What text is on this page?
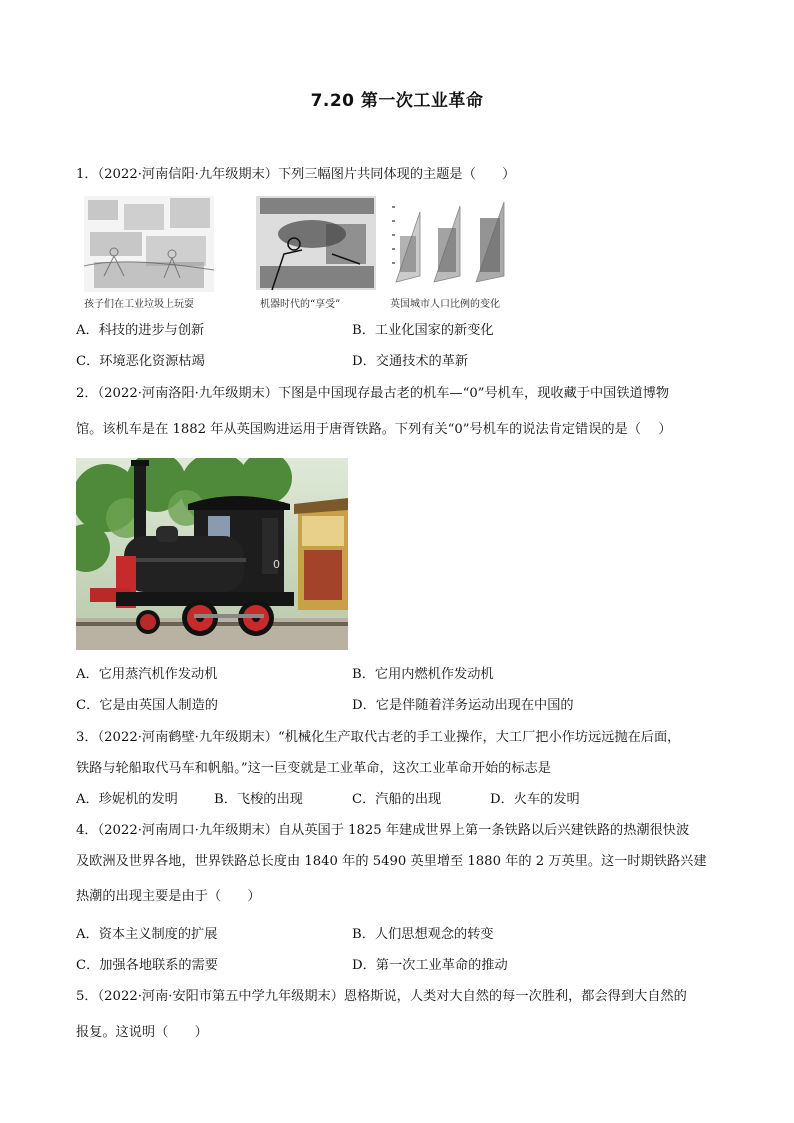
7.20 第一次工业革命
1．（2022·河南信阳·九年级期末）下列三幅图片共同体现的主题是（　　）
孩子们在工业垃圾上玩耍	机器时代的“享受”	英国城市人口比例的变化
A．科技的进步与创新	B．工业化国家的新变化
C．环境恶化资源枯竭	D．交通技术的革新
2．（2022·河南洛阳·九年级期末）下图是中国现存最古老的机车—“0”号机车，现收藏于中国铁道博物
馆。该机车是在 1882 年从英国购进运用于唐胥铁路。下列有关“0”号机车的说法肯定错误的是（　 ）
0
A．它用蒸汽机作发动机	B．它用内燃机作发动机
C．它是由英国人制造的	D．它是伴随着洋务运动出现在中国的
3．（2022·河南鹤壁·九年级期末）“机械化生产取代古老的手工业操作，大工厂把小作坊远远抛在后面，
铁路与轮船取代马车和帆船。”这一巨变就是工业革命，这次工业革命开始的标志是
A．珍妮机的发明	B．飞梭的出现	C．汽船的出现	D．火车的发明
4．（2022·河南周口·九年级期末）自从英国于 1825 年建成世界上第一条铁路以后兴建铁路的热潮很快波
及欧洲及世界各地，世界铁路总长度由 1840 年的 5490 英里增至 1880 年的 2 万英里。这一时期铁路兴建
热潮的出现主要是由于（　　）
A．资本主义制度的扩展	B．人们思想观念的转变
C．加强各地联系的需要	D．第一次工业革命的推动
5．（2022·河南·安阳市第五中学九年级期末）恩格斯说，人类对大自然的每一次胜利，都会得到大自然的
报复。这说明（　　）
